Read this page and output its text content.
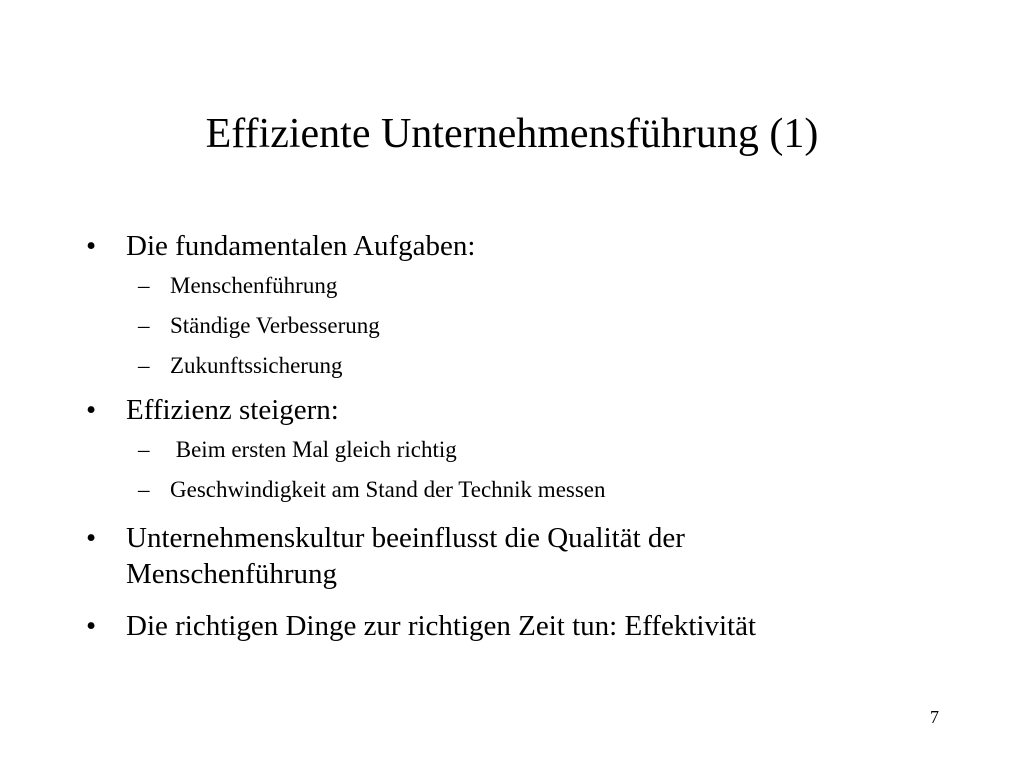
Effiziente Unternehmensführung (1)

•	Die fundamentalen Aufgaben:

– Menschenführung

– Ständige Verbesserung

– Zukunftssicherung

•	Effizienz steigern:

– Beim ersten Mal gleich richtig

– Geschwindigkeit am Stand der Technik messen

•	Unternehmenskultur beeinflusst die Qualität der Menschenführung

•	Die richtigen Dinge zur richtigen Zeit tun: Effektivität

7
